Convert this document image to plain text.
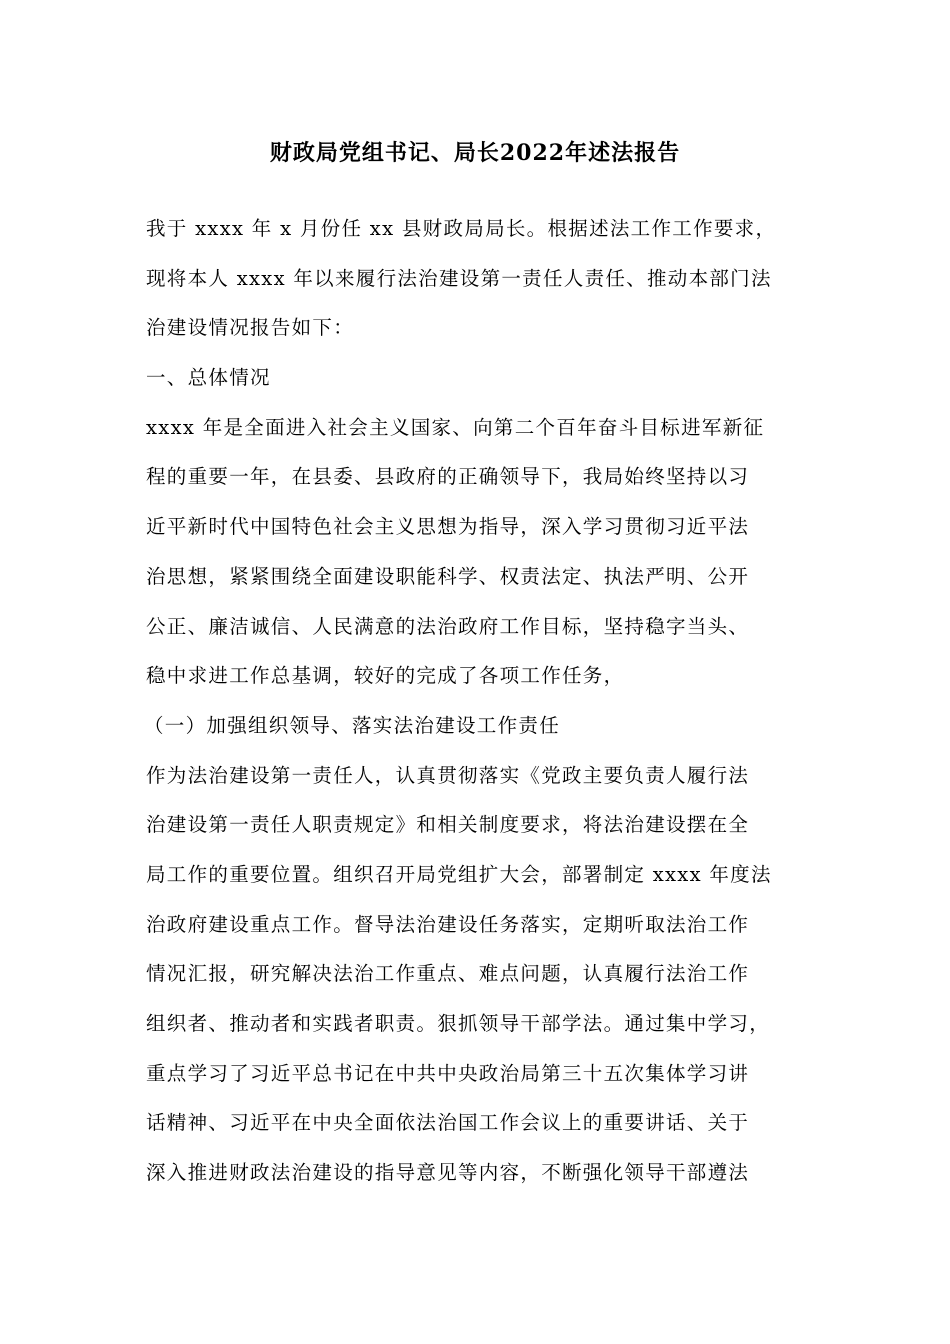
财政局党组书记、局长2022年述法报告
我于 xxxx 年 x 月份任 xx 县财政局局长。根据述法工作工作要求，
现将本人 xxxx 年以来履行法治建设第一责任人责任、推动本部门法
治建设情况报告如下：
一、总体情况
xxxx 年是全面进入社会主义国家、向第二个百年奋斗目标进军新征
程的重要一年，在县委、县政府的正确领导下，我局始终坚持以习
近平新时代中国特色社会主义思想为指导，深入学习贯彻习近平法
治思想，紧紧围绕全面建设职能科学、权责法定、执法严明、公开
公正、廉洁诚信、人民满意的法治政府工作目标，坚持稳字当头、
稳中求进工作总基调，较好的完成了各项工作任务，
（一）加强组织领导、落实法治建设工作责任
作为法治建设第一责任人，认真贯彻落实《党政主要负责人履行法
治建设第一责任人职责规定》和相关制度要求，将法治建设摆在全
局工作的重要位置。组织召开局党组扩大会，部署制定 xxxx 年度法
治政府建设重点工作。督导法治建设任务落实，定期听取法治工作
情况汇报，研究解决法治工作重点、难点问题，认真履行法治工作
组织者、推动者和实践者职责。狠抓领导干部学法。通过集中学习，
重点学习了习近平总书记在中共中央政治局第三十五次集体学习讲
话精神、习近平在中央全面依法治国工作会议上的重要讲话、关于
深入推进财政法治建设的指导意见等内容，不断强化领导干部遵法
